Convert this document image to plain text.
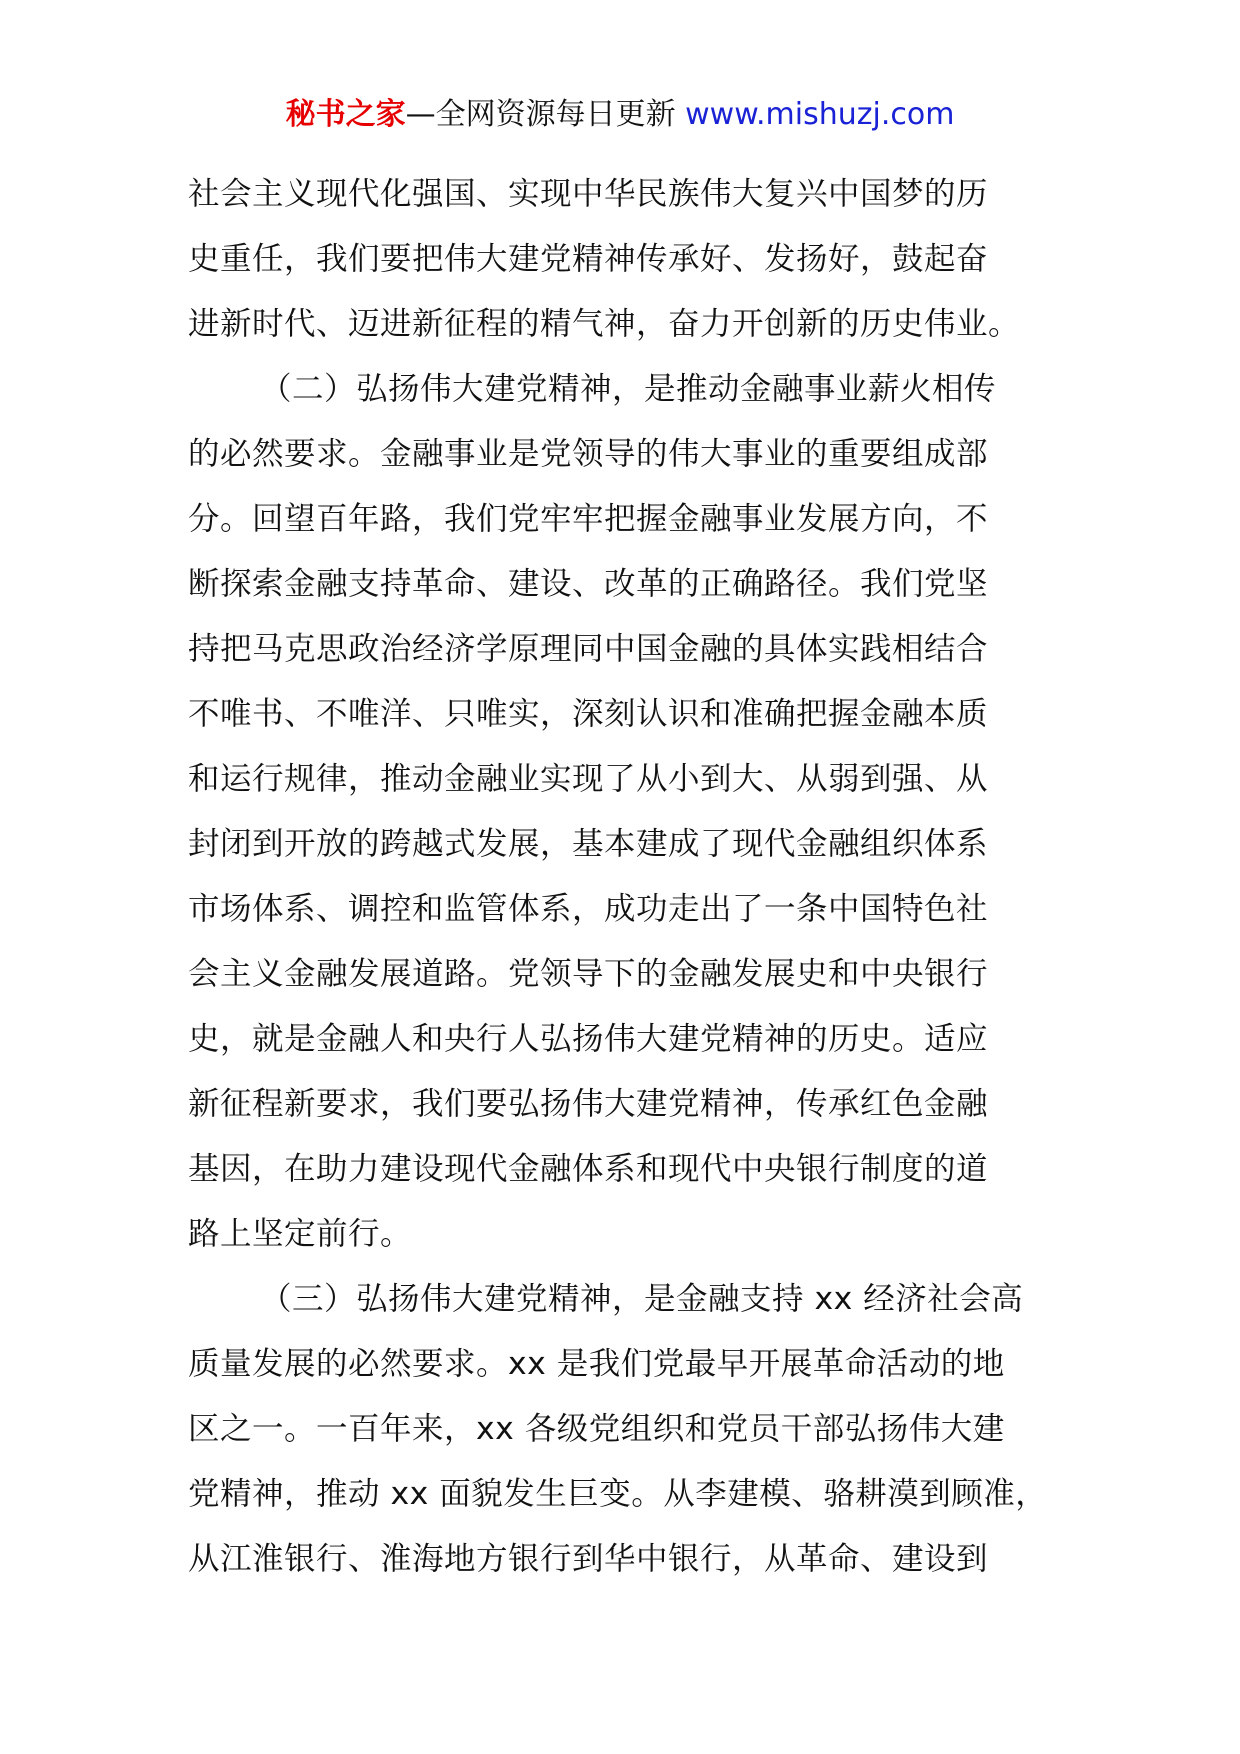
秘书之家—全网资源每日更新 www.mishuzj.com
社会主义现代化强国、实现中华民族伟大复兴中国梦的历
史重任，我们要把伟大建党精神传承好、发扬好，鼓起奋
进新时代、迈进新征程的精气神，奋力开创新的历史伟业。
（二）弘扬伟大建党精神，是推动金融事业薪火相传
的必然要求。金融事业是党领导的伟大事业的重要组成部
分。回望百年路，我们党牢牢把握金融事业发展方向，不
断探索金融支持革命、建设、改革的正确路径。我们党坚
持把马克思政治经济学原理同中国金融的具体实践相结合
不唯书、不唯洋、只唯实，深刻认识和准确把握金融本质
和运行规律，推动金融业实现了从小到大、从弱到强、从
封闭到开放的跨越式发展，基本建成了现代金融组织体系
市场体系、调控和监管体系，成功走出了一条中国特色社
会主义金融发展道路。党领导下的金融发展史和中央银行
史，就是金融人和央行人弘扬伟大建党精神的历史。适应
新征程新要求，我们要弘扬伟大建党精神，传承红色金融
基因，在助力建设现代金融体系和现代中央银行制度的道
路上坚定前行。
（三）弘扬伟大建党精神，是金融支持 xx 经济社会高
质量发展的必然要求。xx 是我们党最早开展革命活动的地
区之一。一百年来，xx 各级党组织和党员干部弘扬伟大建
党精神，推动 xx 面貌发生巨变。从李建模、骆耕漠到顾准，
从江淮银行、淮海地方银行到华中银行，从革命、建设到
